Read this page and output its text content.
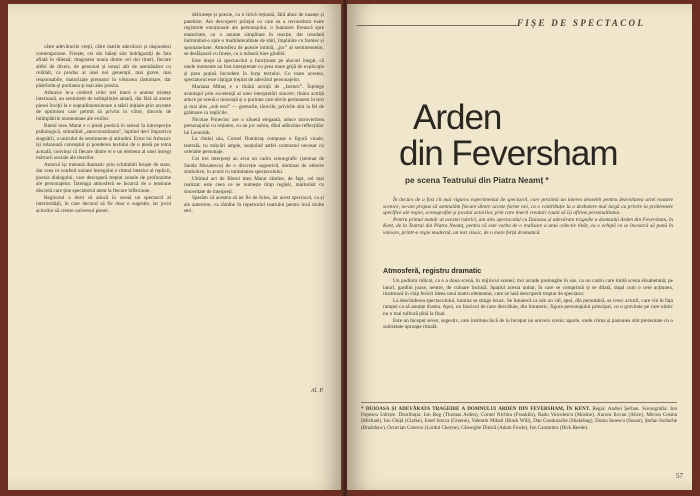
către adevărurile vieții, către marile adevăruri și răspunderi contemporane. Firește, cei doi băieți sînt îndrăgostiți de fata aflată în dilemă; dragostea unuia dintre cei doi tineri, fiecare altfel de divers, de personal și totuși atît de asemănător cu celălalt, ca produs al unei noi generații, mai grave, mai responsabile, maturizate prematur în viitoarea răsturnare, dar păstrîndu-și puritatea și mai ales poezia.

Arbuzov le-a conferit celor trei tineri o anume tristețe interioară, un sentiment de neîmplinire amară, dar fără să axeze piesei înviții la o supradimensionare a stării inițiale prin accente de optimism care permit să privim în viitor, dincolo de întîmplările momentane ale eroilor.

Bietul meu Marat e o piesă poetică în sensul la introspecție psihologică, stimulînd „autoconsultarea”, luptînd deci împotriva stagnării, a unicului de sentimente și atitudini. Ernst lui Arbuzov își relaxează conceptul și ponderea textului de o piesă pe tema actuală, convinși că fiecare dintre ei e un element al unei întregi mărturii sociale ale tinerilor.

Autorul își tratează dramatic prin schimbări bruște de stare, dar ceea ce conferă unitate întregului e ritmul interior al replicii, poezia dialogului, care descoperă treptat zonele de profunzime ale personajelor. Întreaga atmosferă se încarcă de o tensiune discretă care ține spectatorul atent la fiecare inflexiune.

Regizorul a dorit să aducă în scenă un spectacol al interiorității, în care decorul să fie doar o sugestie, iar jocul actorilor să creeze universul piesei.

delicatețe și poezie, cu o lirică reținută, fără abuz de nuanțe și patetism. Am descoperit prilejul cu care ea a reconstituit toate registrele emoționale ale personajului, o înaintare firească spre maturitate, cu o anume simplitate în reacție, dar totodată îndrumînd-o spre o multilateralitate de stări, împlinite cu farmec și spontaneitate. Atmosfera de poezie intimă, „joc” al sentimentelor, se desfășoară cu finețe, cu o măsură bine gîndită.

Este drept că spectacolul a funcționat pe alocuri inegal, că unele momente au fost interpretate cu prea mare grijă de explicație și prea puțină încredere în forța textului. Cu toate acestea, spectatorul este cîștigat treptat de adevărul personajelor.

Mariana Mihuț e o tînără actriță de „farmec”. Înțelege avantajul prin excelență al unei interpretări sincere; tînăra actriță aduce pe scenă o inocență și o puritate care devin permanent în text și mai ales „sub text” — gesturile, tăcerile, privirile sînt la fel de grăitoare ca replicile.

Nicolae Poneciuc are o siluetă elegantă, aduce introvertirea personajului cu reținere, cu un joc sobru, dînd adîncime reflecțiilor lui Leonidik.

La rîndul său, Cornel Dumitraș compune o figură vioaie, teatrală, cu mișcări ample, susținînd astfel contrastul necesar cu celelalte personaje.

Cei trei interpreți au avut un cadru scenografic (semnat de Sanda Musatescu) de o discreție sugestivă, dominat de obiecte simbolice, în acord cu intimitatea spectacolului.

Ultimul act de Bietul meu Marat rămîne, de fapt, cel mai realizat: este ceea ce se numește timp regăsit, mărturisit cu sinceritate de interpreți.

Sperăm că acestea să ne fie de folos, iar acest spectacol, ca și ale anteriore, va rămîne în repertoriul teatrului pentru încă multe seri.

Al. P.
FIȘE DE SPECTACOL
Arden
din Feversham
pe scena Teatrului din Piatra Neamț *

În decurs de a fost cît mai viguros experimentul de spectacol, care prezintă un interes deosebit pentru dezvoltarea artei noastre scenice, ne-am propus să semnalăm fiecare dintre aceste forme noi, ca o contribuție la o dezbatere mai largă cu privire la problemele specifice ale regiei, scenografiei și jocului actorilor, prin care tinerii creatori caută să își afirme personalitatea.

Pentru primul număr al acestei rubrici, am ales spectacolul cu Duioasa și adevărata tragedie a domnului Arden din Feversham, în Kent, de la Teatrul din Piatra Neamț, pentru că este vorba de o realizare a unui colectiv tînăr, cu o echipă ce se încearcă să pună în valoare, printr-o regie modernă, un text clasic, de o mare forță dramatică.

Atmosferă, registru dramatic

Un podium ridicat, ca o a doua scenă, în mijlocul scenei; trei arcade prelungite în sus, ca un cadru care imită scena elisabetană; pe laturi, gardini joase, neutre, de culoare închisă. Spațiul acesta unitar, în care se comprimă și se dilată, după cum o cere acțiunea, ilustrează în chip fericit ideea unui teatru elementar, care se lasă descoperit treptat de spectator.

La deschiderea spectacolului, lumina se stinge brusc. Se întunecă ca sub un văl, apoi, din penumbră, se ivesc actorii, care vin în fața rampei ca să anunțe drama. Apoi, un fascicul de raze dezvăluie, din întuneric, figura personajului principal, cu o gravitate pe care nimic nu o mai tulbură pînă la final.

Este un început sever, sugestiv, care instituie încă de la început un univers scenic aparte, unde crima și pasiunea sînt prezentate cu o sobrietate aproape rituală.

* DUIOASA ȘI ADEVĂRATA TRAGEDIE A DOMNULUI ARDEN DIN FEVERSHAM, ÎN KENT. Regia: Andrei Șerban. Scenografia: Ion Popescu Udriște. Distribuția: Ion Bog (Thomas Arden), Cornel Nichita (Franklin), Radu Voiculescu (Mosbie), Aurora Ilovan (Alice), Mircea Cosma (Michael), Ion Ghiță (Clarke), Ionel Stoica (Greene), Valentin Mihali (Black Will), Dan Condurache (Shakebag), Doina Ionescu (Susan), Ștefan Iordache (Bradshaw), Octavian Cotescu (Lordul Cheyne), Gheorghe Dinică (Adam Fowle), Ion Caramitru (Dick Reede).
57
